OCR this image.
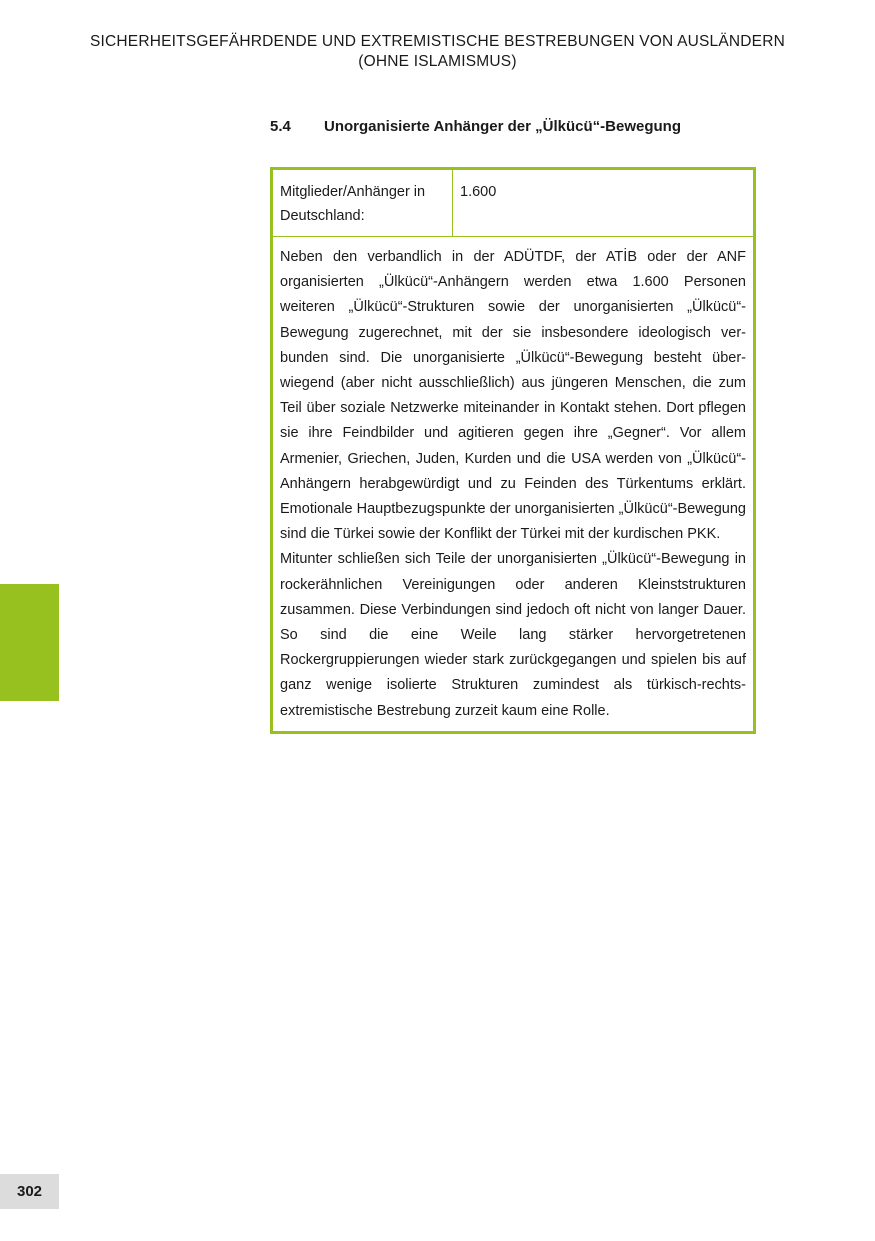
SICHERHEITSGEFÄHRDENDE UND EXTREMISTISCHE BESTREBUNGEN VON AUSLÄNDERN
(OHNE ISLAMISMUS)
5.4	Unorganisierte Anhänger der „Ülkücü“-Bewegung
Mitglieder/Anhänger in Deutschland:
1.600

Neben den verbandlich in der ADÜTDF, der ATİB oder der ANF organisierten „Ülkücü“-Anhängern werden etwa 1.600 Personen weiteren „Ülkücü“-Strukturen sowie der unorganisierten „Ülkücü“-Bewegung zugerechnet, mit der sie insbesondere ideologisch verbunden sind. Die unorganisierte „Ülkücü“-Bewegung besteht überwiegend (aber nicht ausschließlich) aus jüngeren Menschen, die zum Teil über soziale Netzwerke miteinander in Kontakt stehen. Dort pflegen sie ihre Feindbilder und agitieren gegen ihre „Gegner“. Vor allem Armenier, Griechen, Juden, Kurden und die USA werden von „Ülkücü“-Anhängern herabgewürdigt und zu Feinden des Türkentums erklärt. Emotionale Hauptbezugspunkte der unorganisierten „Ülkücü“-Bewegung sind die Türkei sowie der Konflikt der Türkei mit der kurdischen PKK.

Mitunter schließen sich Teile der unorganisierten „Ülkücü“-Bewegung in rockerähnlichen Vereinigungen oder anderen Kleinststrukturen zusammen. Diese Verbindungen sind jedoch oft nicht von langer Dauer. So sind die eine Weile lang stärker hervorgetretenen Rockergruppierungen wieder stark zurückgegangen und spielen bis auf ganz wenige isolierte Strukturen zumindest als türkisch-rechtsextremistische Bestrebung zurzeit kaum eine Rolle.

302
